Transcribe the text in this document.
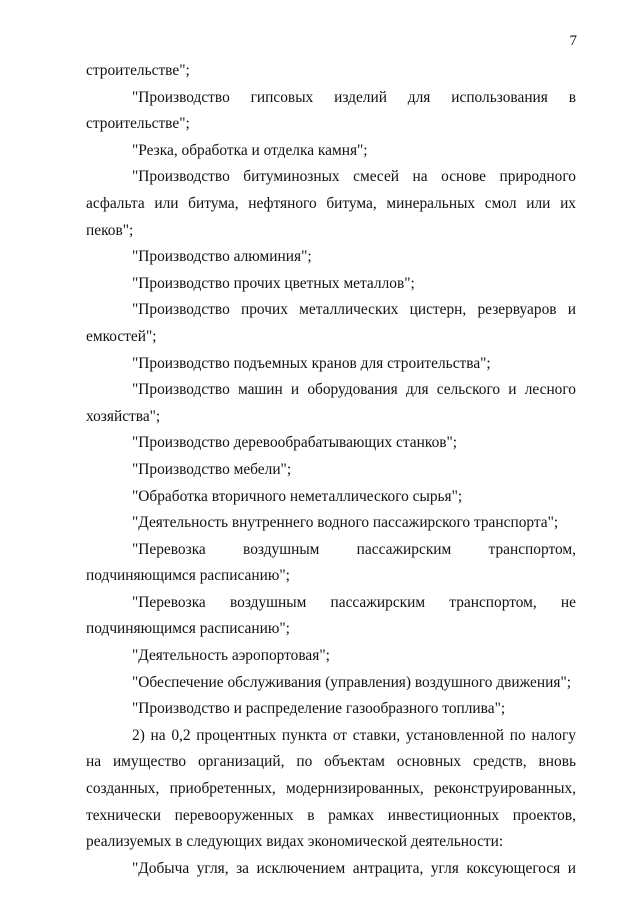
7

строительстве";

"Производство гипсовых изделий для использования в строительстве";

"Резка, обработка и отделка камня";

"Производство битуминозных смесей на основе природного асфальта или битума, нефтяного битума, минеральных смол или их пеков";

"Производство алюминия";

"Производство прочих цветных металлов";

"Производство прочих металлических цистерн, резервуаров и емкостей";

"Производство подъемных кранов для строительства";

"Производство машин и оборудования для сельского и лесного хозяйства";

"Производство деревообрабатывающих станков";

"Производство мебели";

"Обработка вторичного неметаллического сырья";

"Деятельность внутреннего водного пассажирского транспорта";

"Перевозка воздушным пассажирским транспортом, подчиняющимся расписанию";

"Перевозка воздушным пассажирским транспортом, не подчиняющимся расписанию";

"Деятельность аэропортовая";

"Обеспечение обслуживания (управления) воздушного движения";

"Производство и распределение газообразного топлива";

2) на 0,2 процентных пункта от ставки, установленной по налогу на имущество организаций, по объектам основных средств, вновь созданных, приобретенных, модернизированных, реконструированных, технически перевооруженных в рамках инвестиционных проектов, реализуемых в следующих видах экономической деятельности:

"Добыча угля, за исключением антрацита, угля коксующегося и
